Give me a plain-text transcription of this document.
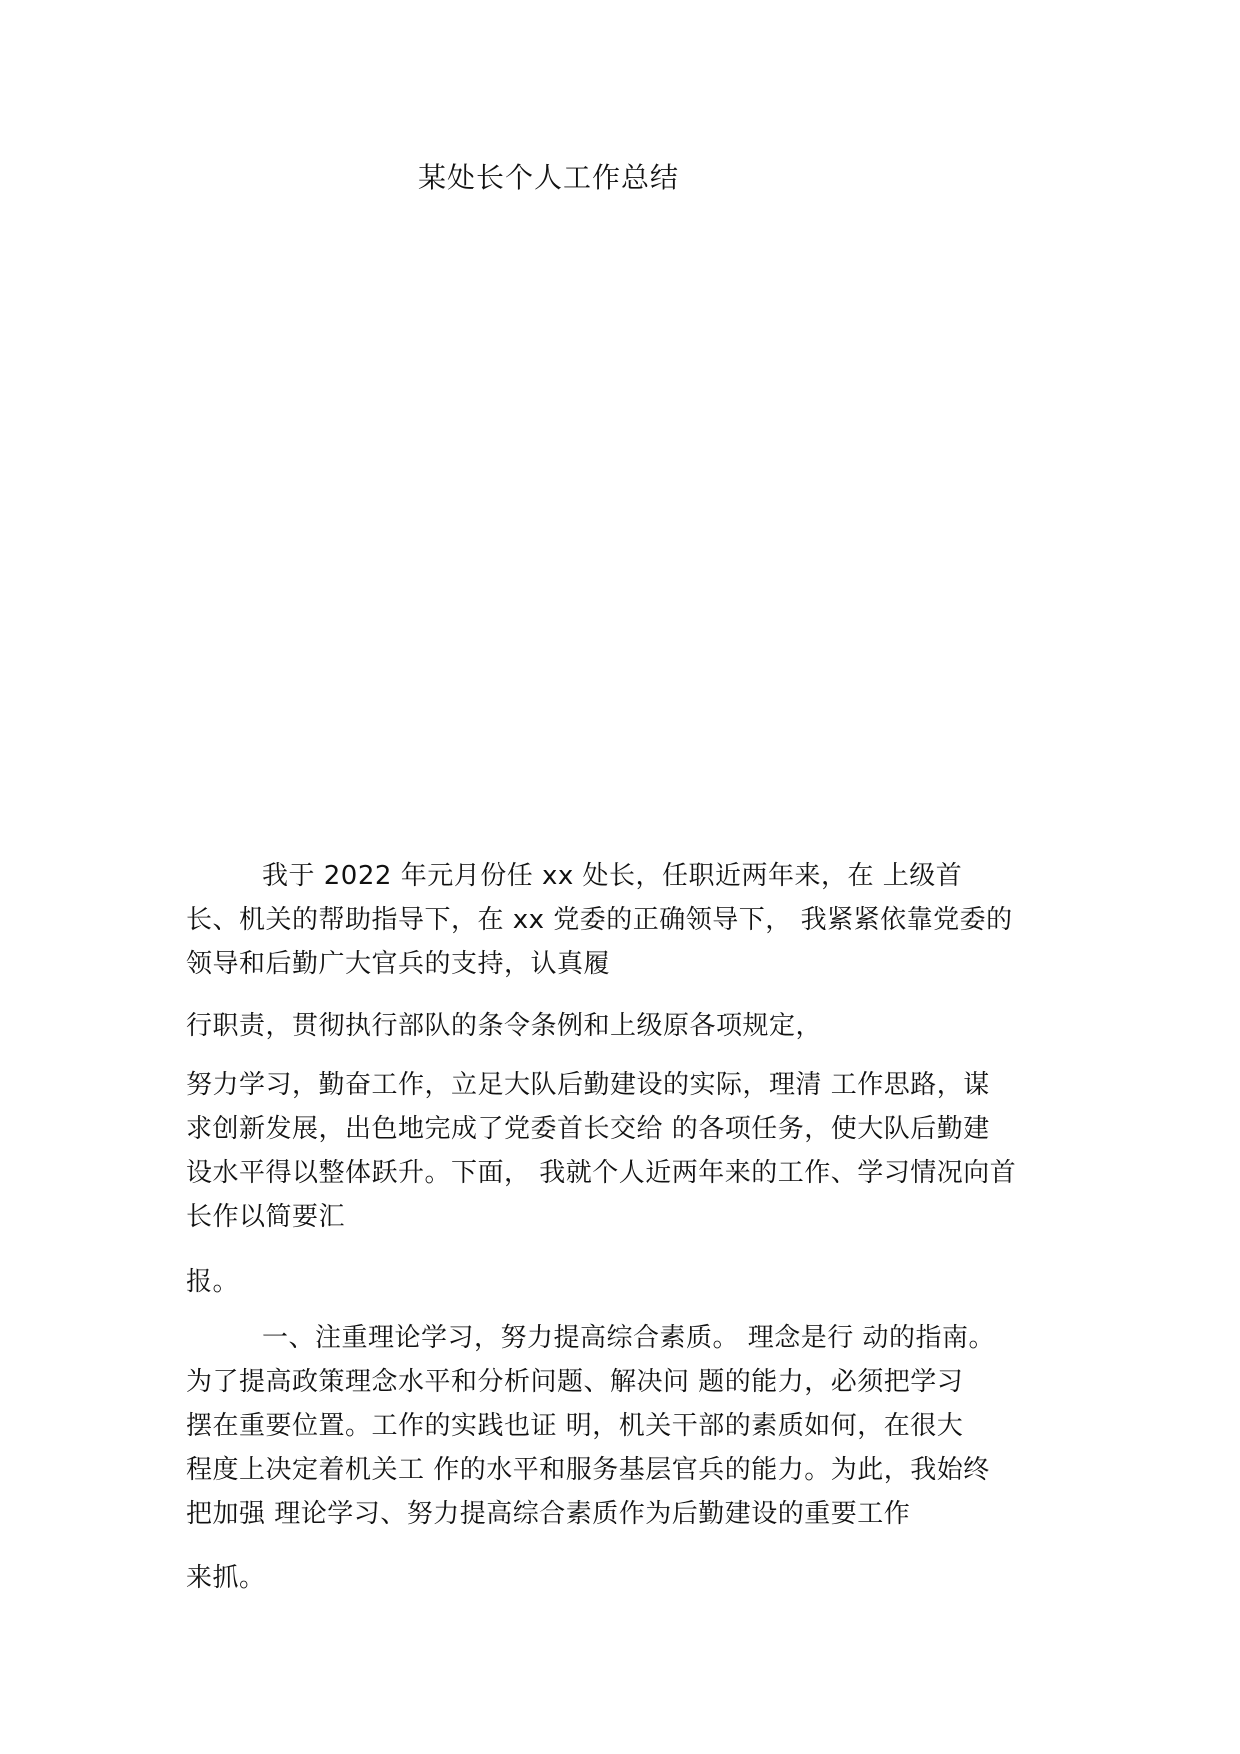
某处长个人工作总结
我于 2022 年元月份任 xx 处长，任职近两年来，在 上级首
长、机关的帮助指导下，在 xx 党委的正确领导下， 我紧紧依靠党委的
领导和后勤广大官兵的支持，认真履
行职责，贯彻执行部队的条令条例和上级原各项规定，
努力学习，勤奋工作，立足大队后勤建设的实际，理清 工作思路，谋
求创新发展，出色地完成了党委首长交给 的各项任务，使大队后勤建
设水平得以整体跃升。下面， 我就个人近两年来的工作、学习情况向首
长作以简要汇
报。
一、注重理论学习，努力提高综合素质。 理念是行 动的指南。
为了提高政策理念水平和分析问题、解决问 题的能力，必须把学习
摆在重要位置。工作的实践也证 明，机关干部的素质如何，在很大
程度上决定着机关工 作的水平和服务基层官兵的能力。为此，我始终
把加强 理论学习、努力提高综合素质作为后勤建设的重要工作
来抓。
